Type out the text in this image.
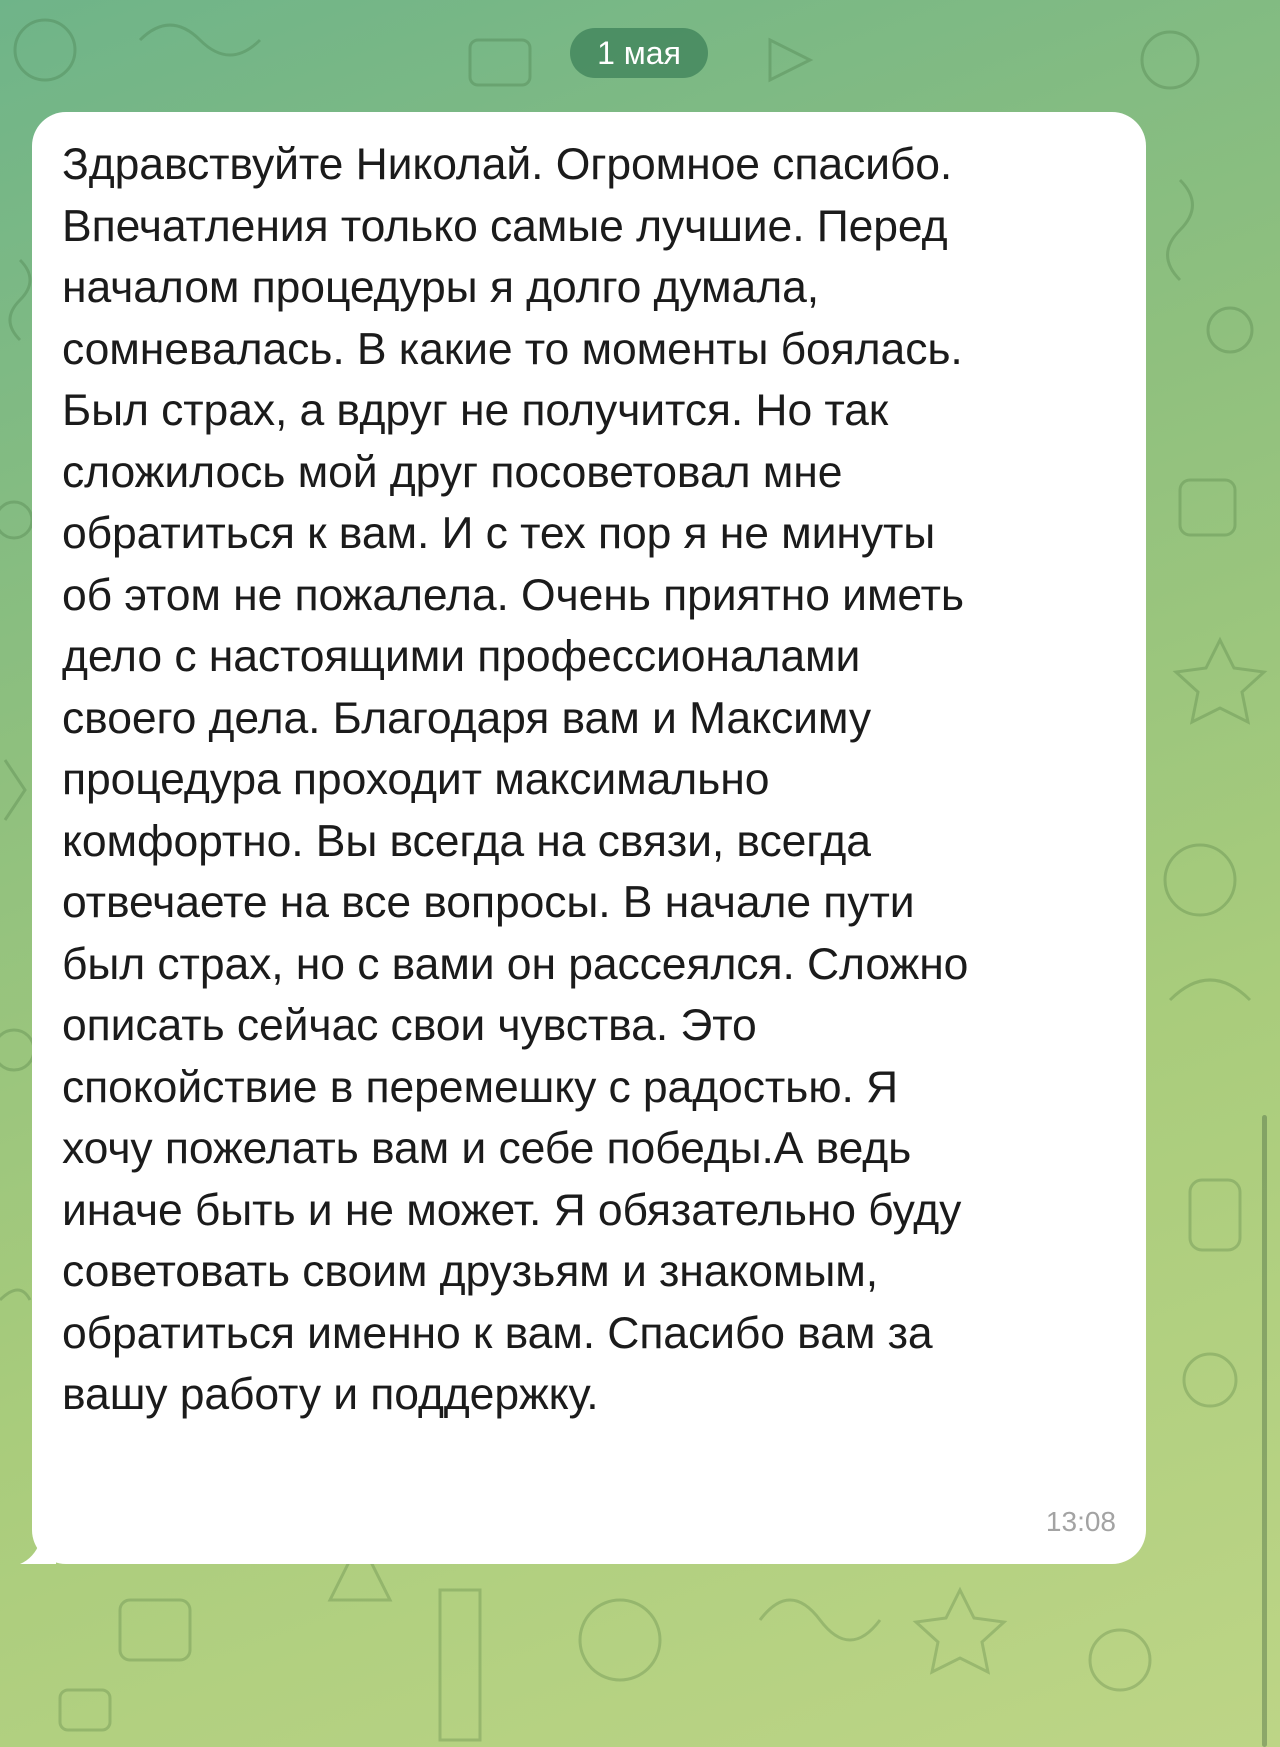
1 мая

Здравствуйте Николай. Огромное спасибо.
Впечатления только самые лучшие. Перед
началом процедуры я долго думала,
сомневалась. В какие то моменты боялась.
Был страх, а вдруг не получится. Но так
сложилось мой друг посоветовал мне
обратиться к вам. И с тех пор я не минуты
об этом не пожалела. Очень приятно иметь
дело с настоящими профессионалами
своего дела. Благодаря вам и Максиму
процедура проходит максимально
комфортно. Вы всегда на связи, всегда
отвечаете на все вопросы. В начале пути
был страх, но с вами он рассеялся. Сложно
описать сейчас свои чувства. Это
спокойствие в перемешку с радостью. Я
хочу пожелать вам и себе победы.А ведь
иначе быть и не может. Я обязательно буду
советовать своим друзьям и знакомым,
обратиться именно к вам. Спасибо вам за
вашу работу и поддержку.

13:08
